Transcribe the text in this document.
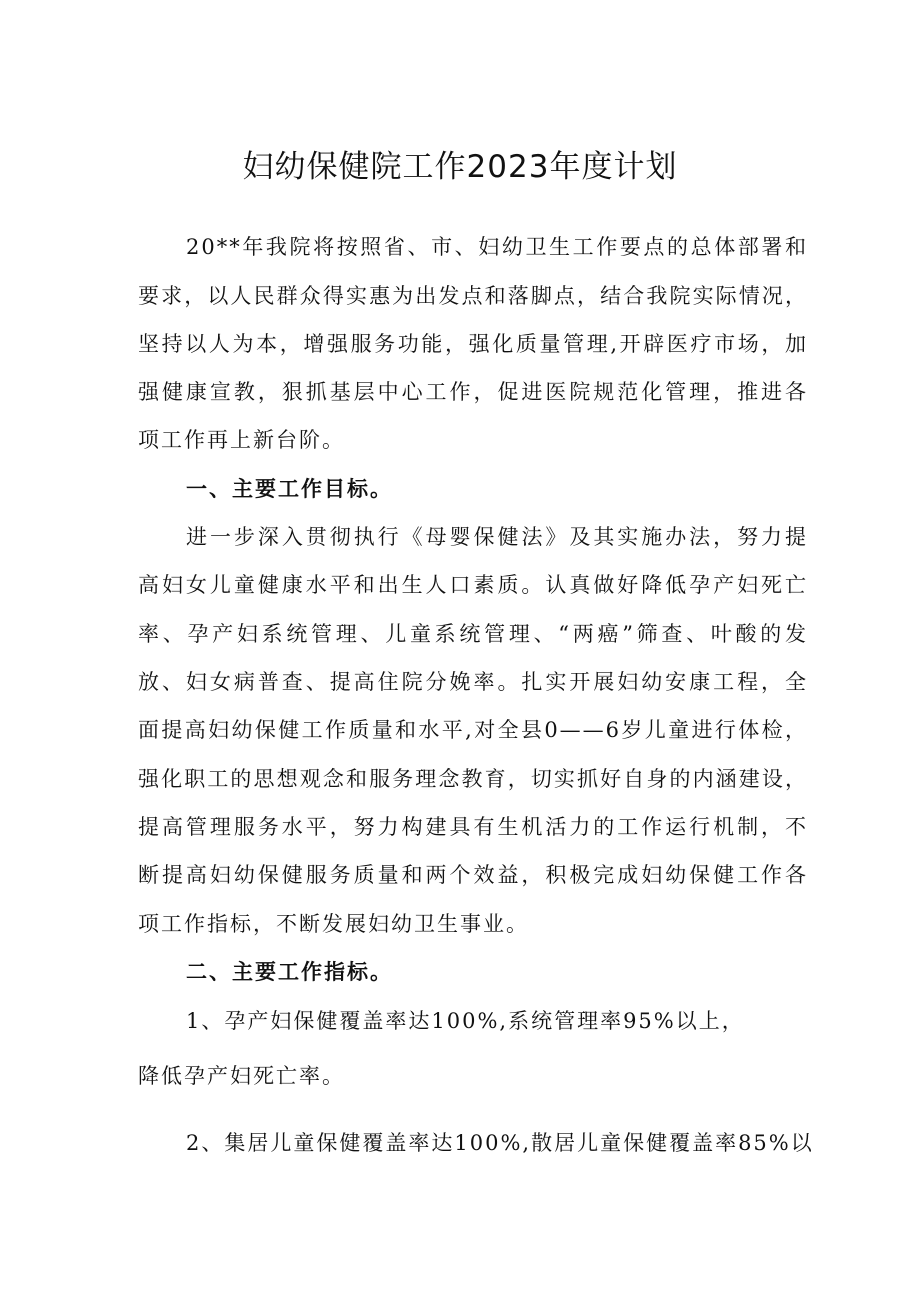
妇幼保健院工作2023年度计划
20**年我院将按照省、市、妇幼卫生工作要点的总体部署和
要求，以人民群众得实惠为出发点和落脚点，结合我院实际情况，
坚持以人为本，增强服务功能，强化质量管理,开辟医疗市场，加
强健康宣教，狠抓基层中心工作，促进医院规范化管理，推进各
项工作再上新台阶。
一、主要工作目标。
进一步深入贯彻执行《母婴保健法》及其实施办法，努力提
高妇女儿童健康水平和出生人口素质。认真做好降低孕产妇死亡
率、孕产妇系统管理、儿童系统管理、“两癌”筛查、叶酸的发
放、妇女病普查、提高住院分娩率。扎实开展妇幼安康工程，全
面提高妇幼保健工作质量和水平,对全县0——6岁儿童进行体检，
强化职工的思想观念和服务理念教育，切实抓好自身的内涵建设，
提高管理服务水平，努力构建具有生机活力的工作运行机制，不
断提高妇幼保健服务质量和两个效益，积极完成妇幼保健工作各
项工作指标，不断发展妇幼卫生事业。
二、主要工作指标。
1、孕产妇保健覆盖率达100%,系统管理率95%以上，
降低孕产妇死亡率。
2、集居儿童保健覆盖率达100%,散居儿童保健覆盖率85%以
